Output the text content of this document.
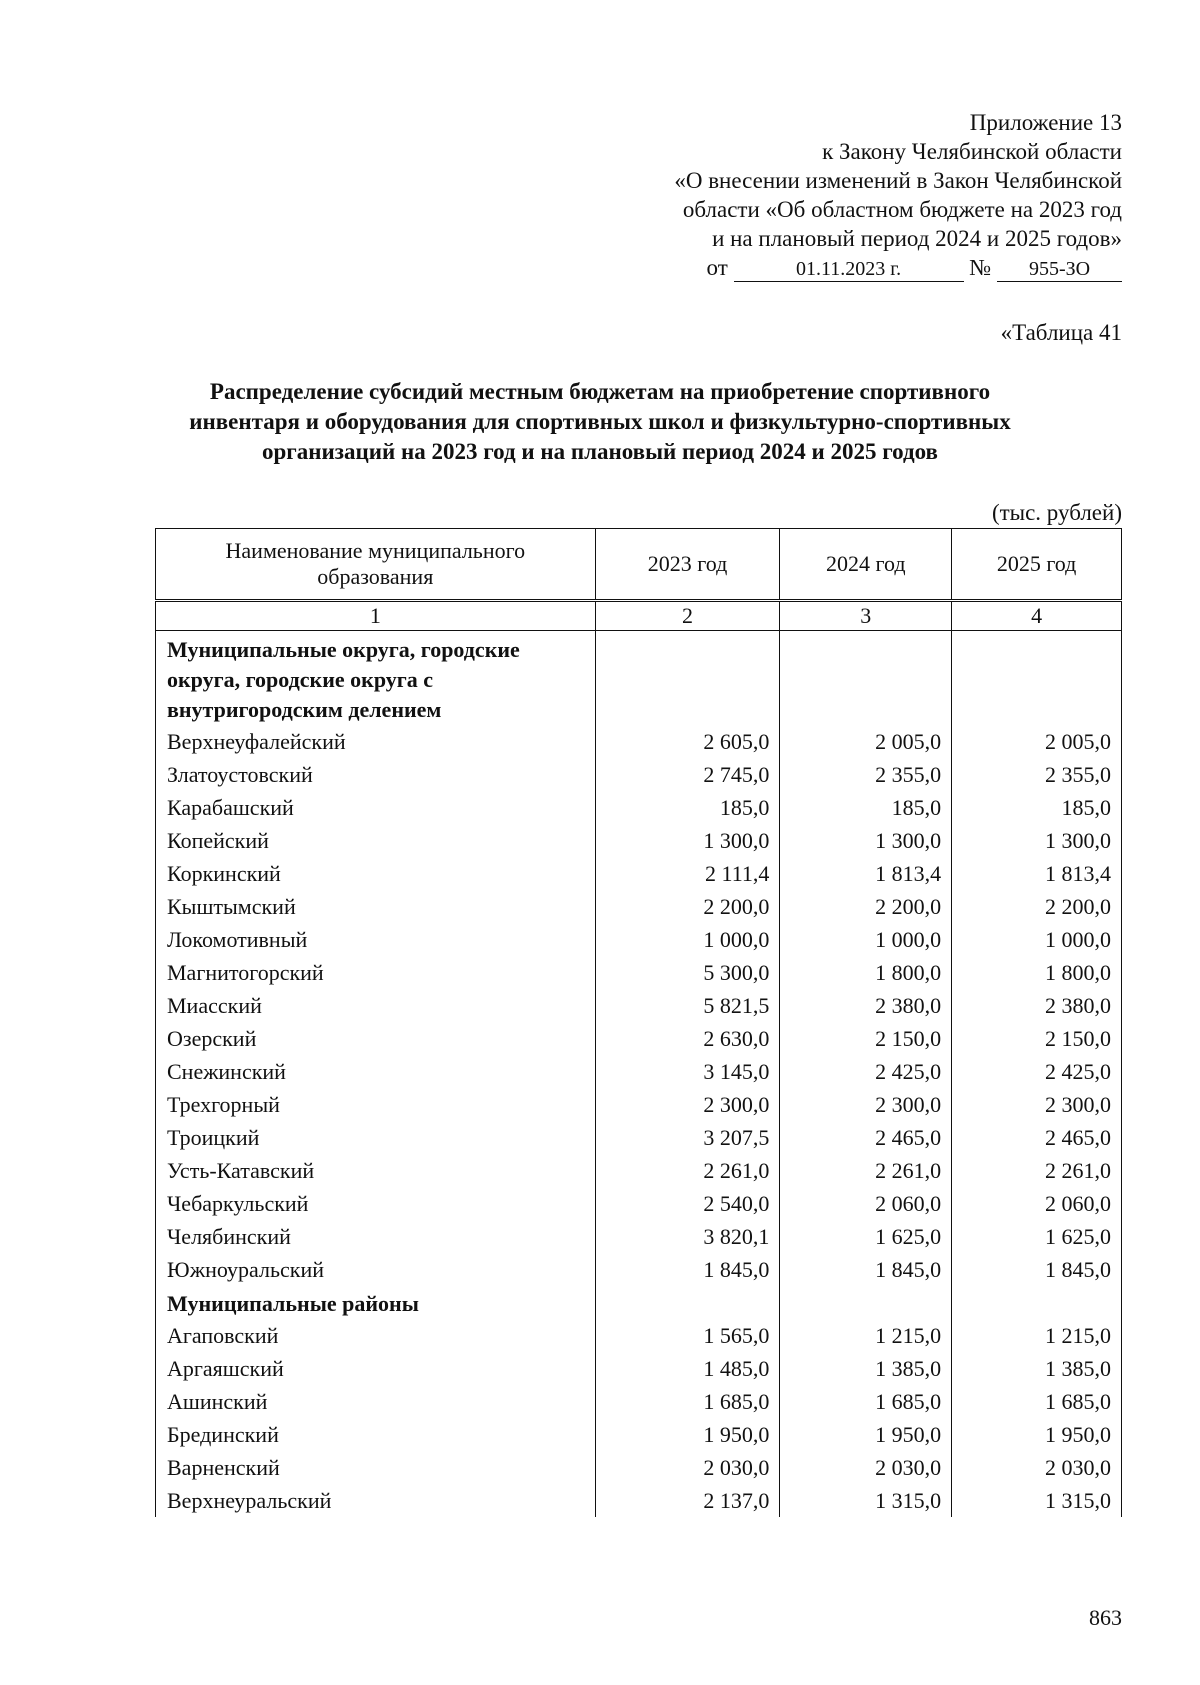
Приложение 13
к Закону Челябинской области
«О внесении изменений в Закон Челябинской
области «Об областном бюджете на 2023 год
и на плановый период 2024 и 2025 годов»
от	01.11.2023 г.	№ 955-ЗО
«Таблица 41
Распределение субсидий местным бюджетам на приобретение спортивного
инвентаря и оборудования для спортивных школ и физкультурно-спортивных
организаций на 2023 год и на плановый период 2024 и 2025 годов
(тыс. рублей)
Наименование муниципального образования	2023 год	2024 год	2025 год
1	2	3	4
Муниципальные округа, городские округа, городские округа с внутригородским делением			
Верхнеуфалейский	2 605,0	2 005,0	2 005,0
Златоустовский	2 745,0	2 355,0	2 355,0
Карабашский	185,0	185,0	185,0
Копейский	1 300,0	1 300,0	1 300,0
Коркинский	2 111,4	1 813,4	1 813,4
Кыштымский	2 200,0	2 200,0	2 200,0
Локомотивный	1 000,0	1 000,0	1 000,0
Магнитогорский	5 300,0	1 800,0	1 800,0
Миасский	5 821,5	2 380,0	2 380,0
Озерский	2 630,0	2 150,0	2 150,0
Снежинский	3 145,0	2 425,0	2 425,0
Трехгорный	2 300,0	2 300,0	2 300,0
Троицкий	3 207,5	2 465,0	2 465,0
Усть-Катавский	2 261,0	2 261,0	2 261,0
Чебаркульский	2 540,0	2 060,0	2 060,0
Челябинский	3 820,1	1 625,0	1 625,0
Южноуральский	1 845,0	1 845,0	1 845,0
Муниципальные районы			
Агаповский	1 565,0	1 215,0	1 215,0
Аргаяшский	1 485,0	1 385,0	1 385,0
Ашинский	1 685,0	1 685,0	1 685,0
Брединский	1 950,0	1 950,0	1 950,0
Варненский	2 030,0	2 030,0	2 030,0
Верхнеуральский	2 137,0	1 315,0	1 315,0
863
